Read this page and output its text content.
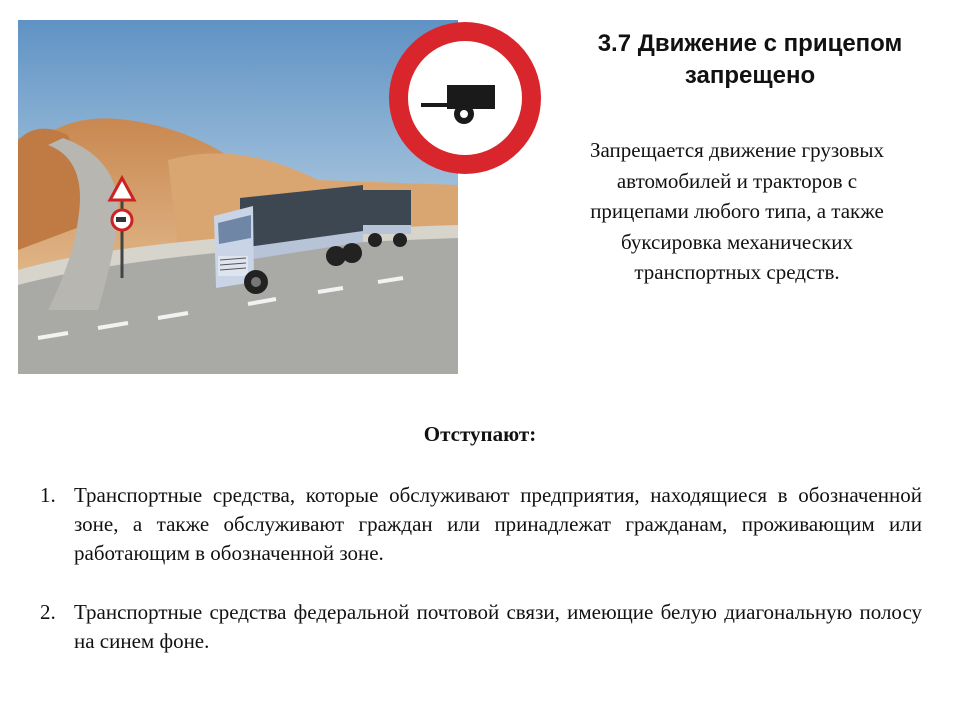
3.7 Движение с прицепом
запрещено
Запрещается движение грузовых
автомобилей и тракторов с
прицепами любого типа, а также
буксировка механических
транспортных средств.
Отступают:
1. Транспортные средства, которые обслуживают предприятия, находящиеся в обозначенной зоне, а также обслуживают граждан или принадлежат гражданам, проживающим или работающим в обозначенной зоне.
2. Транспортные средства федеральной почтовой связи, имеющие белую диагональную полосу на синем фоне.
